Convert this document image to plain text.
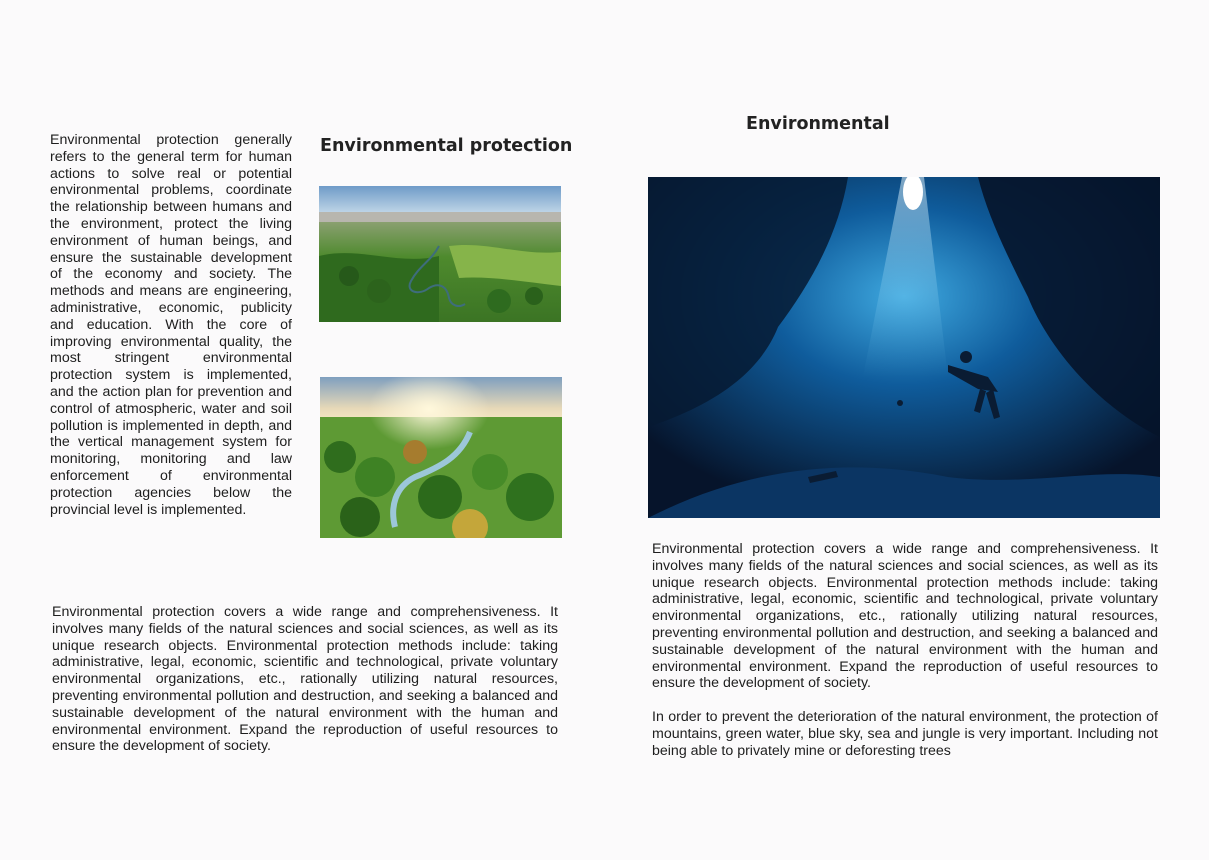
Environmental protection
Environmental protection generally refers to the general term for human actions to solve real or potential environmental problems, coordinate the relationship between humans and the environment, protect the living environment of human beings, and ensure the sustainable development of the economy and society. The methods and means are engineering, administrative, economic, publicity and education. With the core of improving environmental quality, the most stringent environmental protection system is implemented, and the action plan for prevention and control of atmospheric, water and soil pollution is implemented in depth, and the vertical management system for monitoring, monitoring and law enforcement of environmental protection agencies below the provincial level is implemented.
Environmental protection covers a wide range and comprehensiveness. It involves many fields of the natural sciences and social sciences, as well as its unique research objects. Environmental protection methods include: taking administrative, legal, economic, scientific and technological, private voluntary environmental organizations, etc., rationally utilizing natural resources, preventing environmental pollution and destruction, and seeking a balanced and sustainable development of the natural environment with the human and environmental environment. Expand the reproduction of useful resources to ensure the development of society.
Environmental

Environmental protection covers a wide range and comprehensiveness. It involves many fields of the natural sciences and social sciences, as well as its unique research objects. Environmental protection methods include: taking administrative, legal, economic, scientific and technological, private voluntary environmental organizations, etc., rationally utilizing natural resources, preventing environmental pollution and destruction, and seeking a balanced and sustainable development of the natural environment with the human and environmental environment. Expand the reproduction of useful resources to ensure the development of society.

In order to prevent the deterioration of the natural environment, the protection of mountains, green water, blue sky, sea and jungle is very important. Including not being able to privately mine or deforesting trees
